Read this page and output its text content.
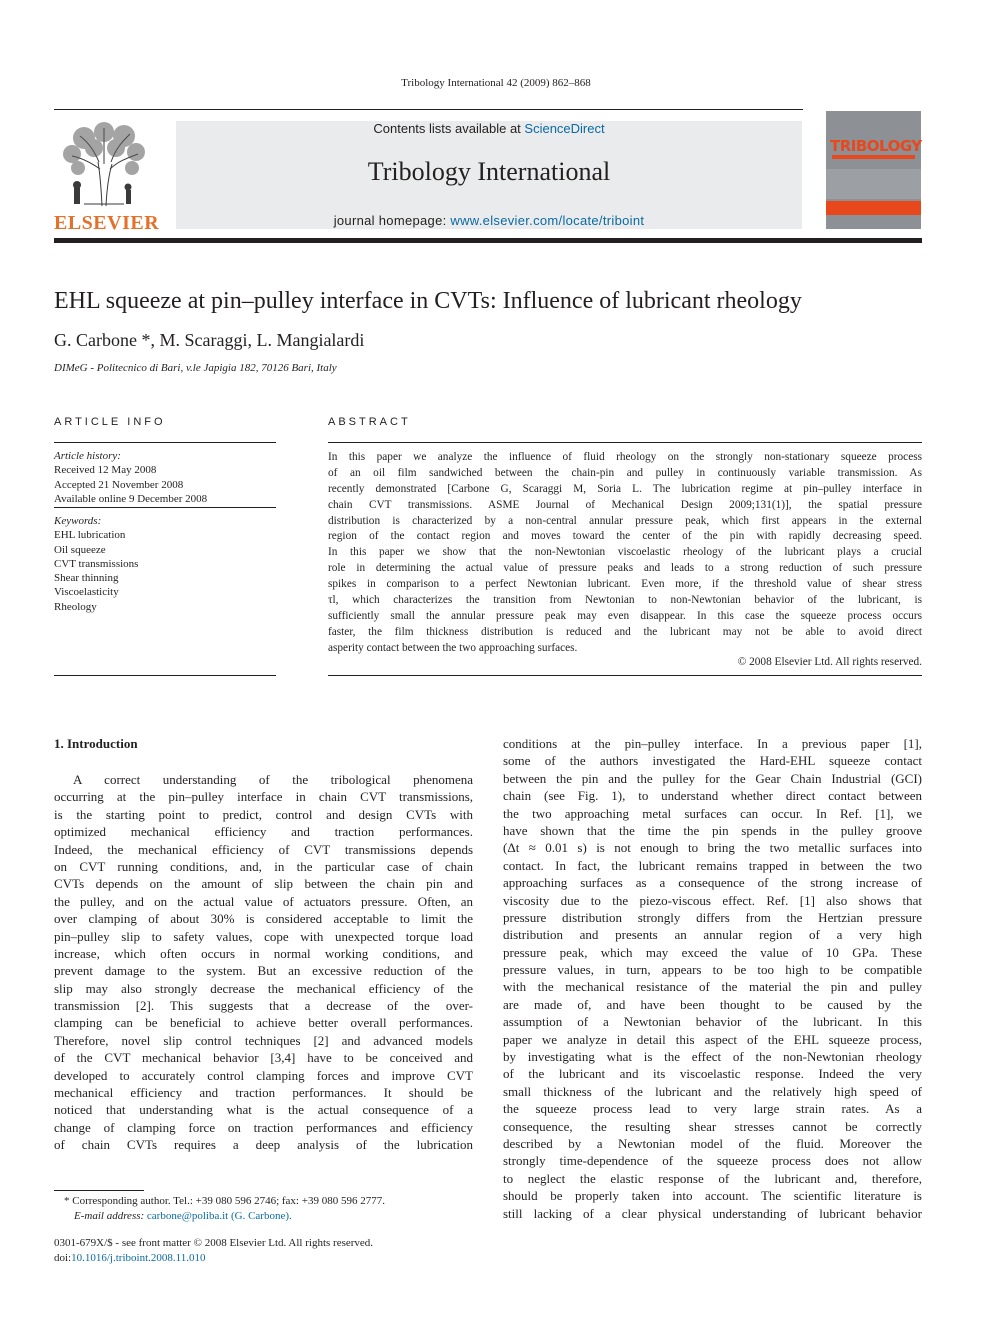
Tribology International 42 (2009) 862–868
ELSEVIER
Contents lists available at ScienceDirect
Tribology International
journal homepage: www.elsevier.com/locate/triboint
TRIBOLOGY
EHL squeeze at pin–pulley interface in CVTs: Influence of lubricant rheology
G. Carbone *, M. Scaraggi, L. Mangialardi
DIMeG - Politecnico di Bari, v.le Japigia 182, 70126 Bari, Italy
ARTICLE INFO
Article history:
Received 12 May 2008
Accepted 21 November 2008
Available online 9 December 2008
Keywords:
EHL lubrication
Oil squeeze
CVT transmissions
Shear thinning
Viscoelasticity
Rheology
ABSTRACT
In this paper we analyze the influence of fluid rheology on the strongly non-stationary squeeze process
of an oil film sandwiched between the chain-pin and pulley in continuously variable transmission. As
recently demonstrated [Carbone G, Scaraggi M, Soria L. The lubrication regime at pin–pulley interface in
chain CVT transmissions. ASME Journal of Mechanical Design 2009;131(1)], the spatial pressure
distribution is characterized by a non-central annular pressure peak, which first appears in the external
region of the contact region and moves toward the center of the pin with rapidly decreasing speed.
In this paper we show that the non-Newtonian viscoelastic rheology of the lubricant plays a crucial
role in determining the actual value of pressure peaks and leads to a strong reduction of such pressure
spikes in comparison to a perfect Newtonian lubricant. Even more, if the threshold value of shear stress
τl, which characterizes the transition from Newtonian to non-Newtonian behavior of the lubricant, is
sufficiently small the annular pressure peak may even disappear. In this case the squeeze process occurs
faster, the film thickness distribution is reduced and the lubricant may not be able to avoid direct
asperity contact between the two approaching surfaces.
© 2008 Elsevier Ltd. All rights reserved.
1. Introduction
A correct understanding of the tribological phenomena
occurring at the pin–pulley interface in chain CVT transmissions,
is the starting point to predict, control and design CVTs with
optimized mechanical efficiency and traction performances.
Indeed, the mechanical efficiency of CVT transmissions depends
on CVT running conditions, and, in the particular case of chain
CVTs depends on the amount of slip between the chain pin and
the pulley, and on the actual value of actuators pressure. Often, an
over clamping of about 30% is considered acceptable to limit the
pin–pulley slip to safety values, cope with unexpected torque load
increase, which often occurs in normal working conditions, and
prevent damage to the system. But an excessive reduction of the
slip may also strongly decrease the mechanical efficiency of the
transmission [2]. This suggests that a decrease of the over-
clamping can be beneficial to achieve better overall performances.
Therefore, novel slip control techniques [2] and advanced models
of the CVT mechanical behavior [3,4] have to be conceived and
developed to accurately control clamping forces and improve CVT
mechanical efficiency and traction performances. It should be
noticed that understanding what is the actual consequence of a
change of clamping force on traction performances and efficiency
of chain CVTs requires a deep analysis of the lubrication
conditions at the pin–pulley interface. In a previous paper [1],
some of the authors investigated the Hard-EHL squeeze contact
between the pin and the pulley for the Gear Chain Industrial (GCI)
chain (see Fig. 1), to understand whether direct contact between
the two approaching metal surfaces can occur. In Ref. [1], we
have shown that the time the pin spends in the pulley groove
(Δt ≈ 0.01 s) is not enough to bring the two metallic surfaces into
contact. In fact, the lubricant remains trapped in between the two
approaching surfaces as a consequence of the strong increase of
viscosity due to the piezo-viscous effect. Ref. [1] also shows that
pressure distribution strongly differs from the Hertzian pressure
distribution and presents an annular region of a very high
pressure peak, which may exceed the value of 10 GPa. These
pressure values, in turn, appears to be too high to be compatible
with the mechanical resistance of the material the pin and pulley
are made of, and have been thought to be caused by the
assumption of a Newtonian behavior of the lubricant. In this
paper we analyze in detail this aspect of the EHL squeeze process,
by investigating what is the effect of the non-Newtonian rheology
of the lubricant and its viscoelastic response. Indeed the very
small thickness of the lubricant and the relatively high speed of
the squeeze process lead to very large strain rates. As a
consequence, the resulting shear stresses cannot be correctly
described by a Newtonian model of the fluid. Moreover the
strongly time-dependence of the squeeze process does not allow
to neglect the elastic response of the lubricant and, therefore,
should be properly taken into account. The scientific literature is
still lacking of a clear physical understanding of lubricant behavior
* Corresponding author. Tel.: +39 080 596 2746; fax: +39 080 596 2777.
E-mail address: carbone@poliba.it (G. Carbone).
0301-679X/$ - see front matter © 2008 Elsevier Ltd. All rights reserved.
doi:10.1016/j.triboint.2008.11.010
